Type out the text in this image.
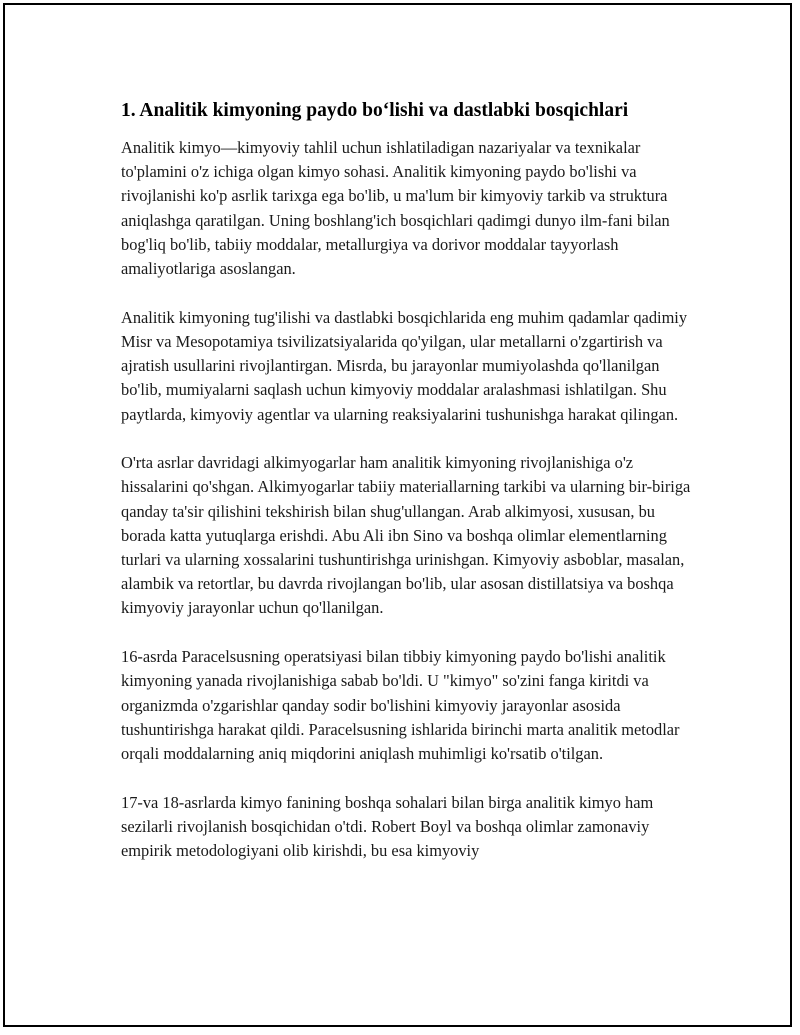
1. Analitik kimyoning paydo bo‘lishi va dastlabki bosqichlari

Analitik kimyo—kimyoviy tahlil uchun ishlatiladigan nazariyalar va texnikalar to'plamini o'z ichiga olgan kimyo sohasi. Analitik kimyoning paydo bo'lishi va rivojlanishi ko'p asrlik tarixga ega bo'lib, u ma'lum bir kimyoviy tarkib va struktura aniqlashga qaratilgan. Uning boshlang'ich bosqichlari qadimgi dunyo ilm-fani bilan bog'liq bo'lib, tabiiy moddalar, metallurgiya va dorivor moddalar tayyorlash amaliyotlariga asoslangan.

Analitik kimyoning tug'ilishi va dastlabki bosqichlarida eng muhim qadamlar qadimiy Misr va Mesopotamiya tsivilizatsiyalarida qo'yilgan, ular metallarni o'zgartirish va ajratish usullarini rivojlantirgan. Misrda, bu jarayonlar mumiyolashda qo'llanilgan bo'lib, mumiyalarni saqlash uchun kimyoviy moddalar aralashmasi ishlatilgan. Shu paytlarda, kimyoviy agentlar va ularning reaksiyalarini tushunishga harakat qilingan.

O'rta asrlar davridagi alkimyogarlar ham analitik kimyoning rivojlanishiga o'z hissalarini qo'shgan. Alkimyogarlar tabiiy materiallarning tarkibi va ularning bir-biriga qanday ta'sir qilishini tekshirish bilan shug'ullangan. Arab alkimyosi, xususan, bu borada katta yutuqlarga erishdi. Abu Ali ibn Sino va boshqa olimlar elementlarning turlari va ularning xossalarini tushuntirishga urinishgan. Kimyoviy asboblar, masalan, alambik va retortlar, bu davrda rivojlangan bo'lib, ular asosan distillatsiya va boshqa kimyoviy jarayonlar uchun qo'llanilgan.

16-asrda Paracelsusning operatsiyasi bilan tibbiy kimyoning paydo bo'lishi analitik kimyoning yanada rivojlanishiga sabab bo'ldi. U "kimyo" so'zini fanga kiritdi va organizmda o'zgarishlar qanday sodir bo'lishini kimyoviy jarayonlar asosida tushuntirishga harakat qildi. Paracelsusning ishlarida birinchi marta analitik metodlar orqali moddalarning aniq miqdorini aniqlash muhimligi ko'rsatib o'tilgan.

17-va 18-asrlarda kimyo fanining boshqa sohalari bilan birga analitik kimyo ham sezilarli rivojlanish bosqichidan o'tdi. Robert Boyl va boshqa olimlar zamonaviy empirik metodologiyani olib kirishdi, bu esa kimyoviy
